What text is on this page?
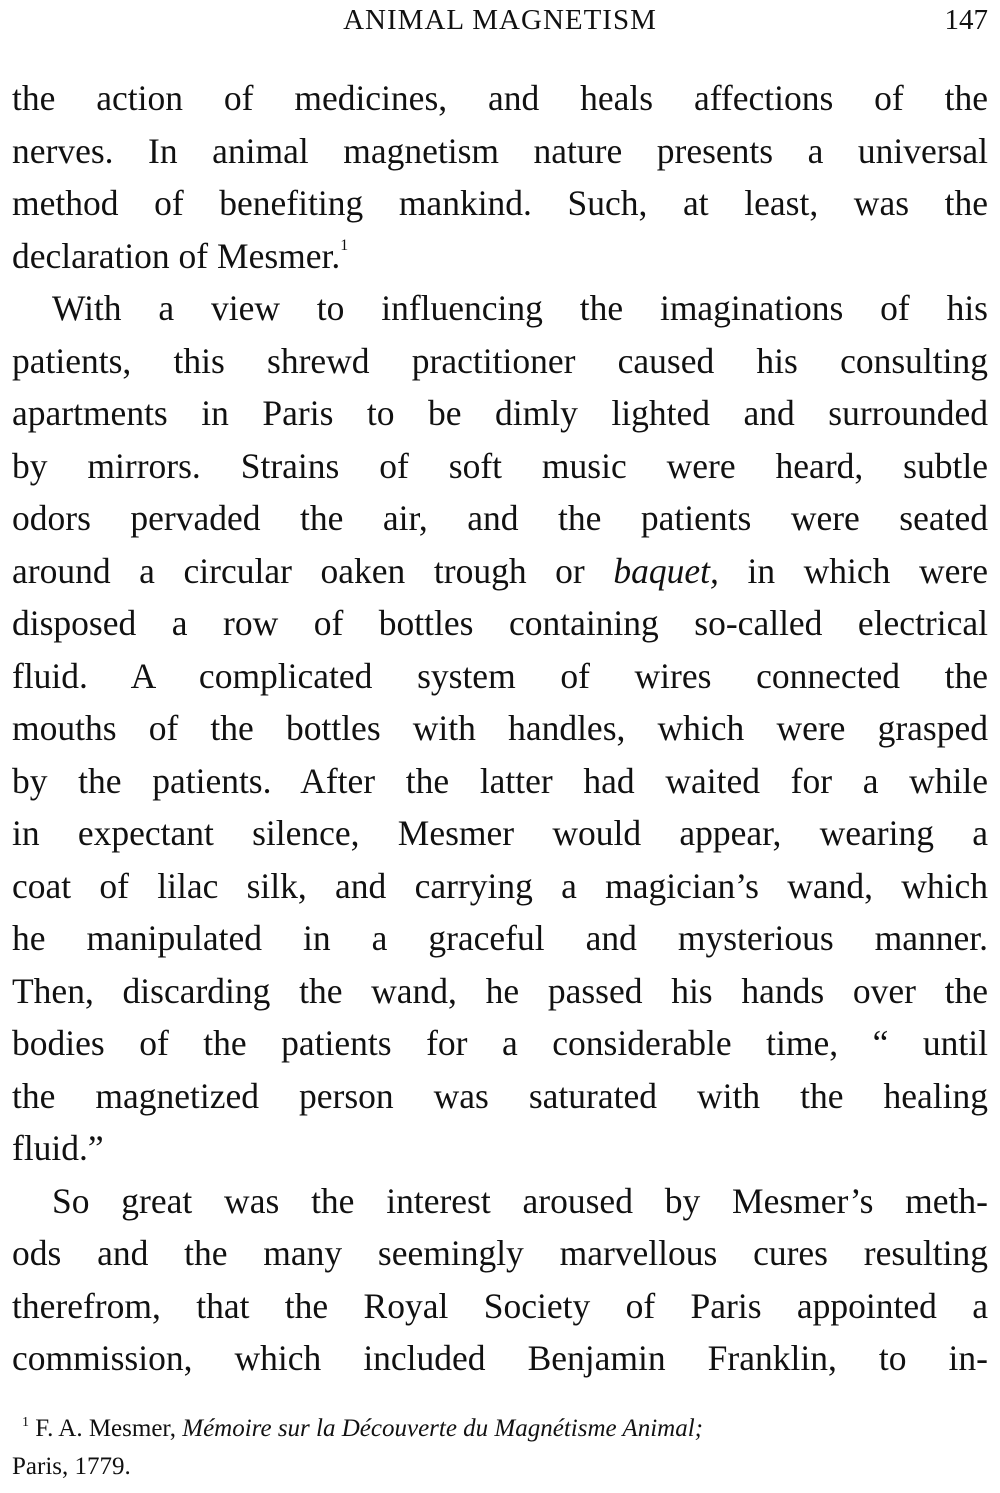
ANIMAL MAGNETISM	147

the action of medicines, and heals affections of the
nerves. In animal magnetism nature presents a universal
method of benefiting mankind. Such, at least, was the
declaration of Mesmer.$^1$

With a view to influencing the imaginations of his
patients, this shrewd practitioner caused his consulting
apartments in Paris to be dimly lighted and surrounded
by mirrors. Strains of soft music were heard, subtle
odors pervaded the air, and the patients were seated
around a circular oaken trough or baquet, in which were
disposed a row of bottles containing so-called electrical
fluid. A complicated system of wires connected the
mouths of the bottles with handles, which were grasped
by the patients. After the latter had waited for a while
in expectant silence, Mesmer would appear, wearing a
coat of lilac silk, and carrying a magician’s wand, which
he manipulated in a graceful and mysterious manner.
Then, discarding the wand, he passed his hands over the
bodies of the patients for a considerable time, “ until
the magnetized person was saturated with the healing
fluid.”

So great was the interest aroused by Mesmer’s meth-
ods and the many seemingly marvellous cures resulting
therefrom, that the Royal Society of Paris appointed a
commission, which included Benjamin Franklin, to in-

$^1$ F. A. Mesmer, Mémoire sur la Découverte du Magnétisme Animal;
Paris, 1779.
